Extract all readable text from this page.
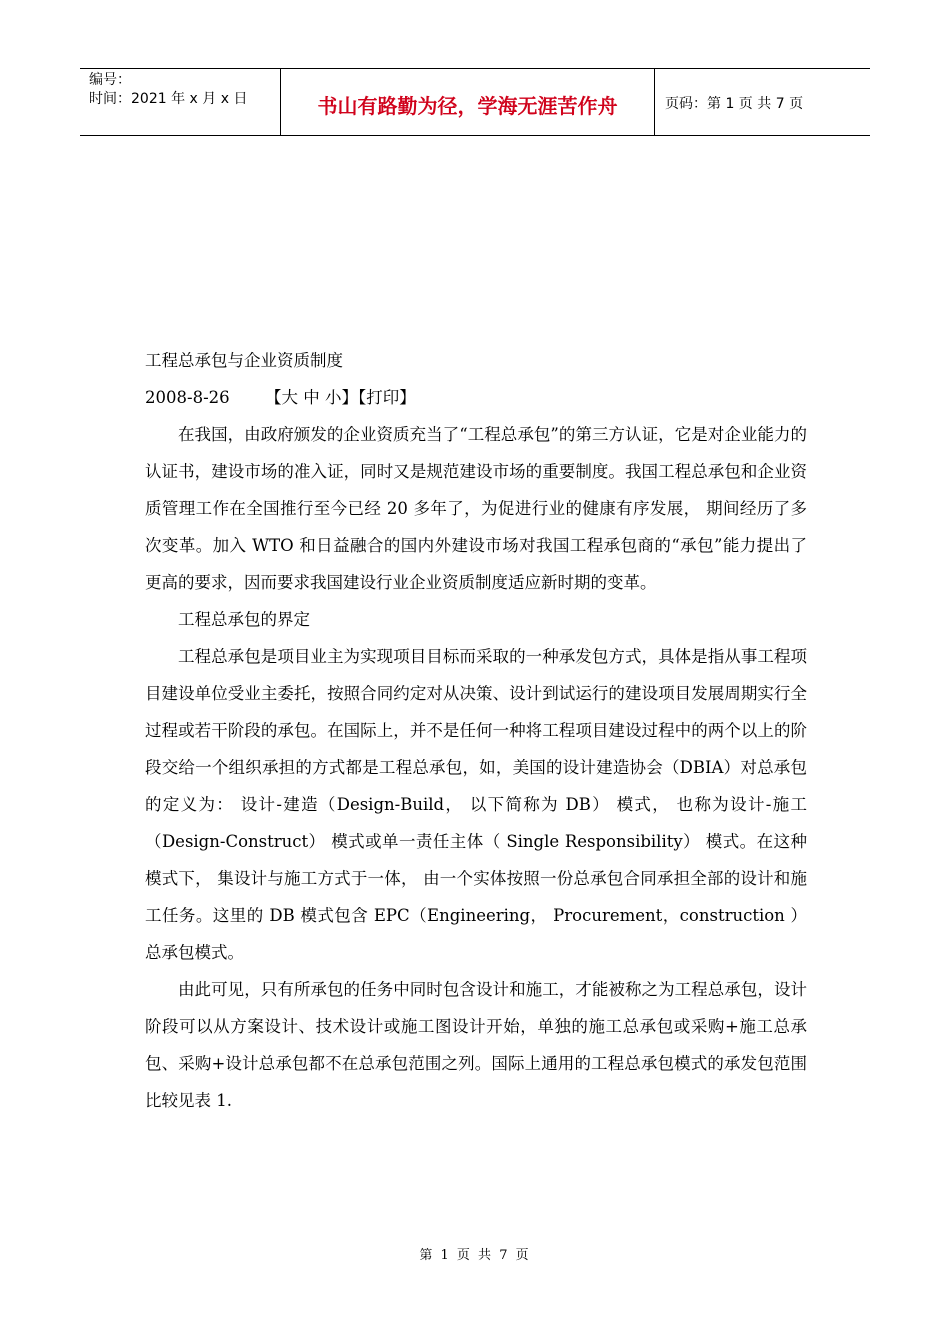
编号：
时间：2021 年 x 月 x 日	书山有路勤为径，学海无涯苦作舟	页码：第 1 页 共 7 页

工程总承包与企业资质制度

2008-8-26 【大 中 小】【打印】

在我国，由政府颁发的企业资质充当了“工程总承包”的第三方认证，它是对企业能力的认证书，建设市场的准入证，同时又是规范建设市场的重要制度。我国工程总承包和企业资质管理工作在全国推行至今已经 20 多年了，为促进行业的健康有序发展， 期间经历了多次变革。加入 WTO 和日益融合的国内外建设市场对我国工程承包商的“承包”能力提出了更高的要求，因而要求我国建设行业企业资质制度适应新时期的变革。

工程总承包的界定

工程总承包是项目业主为实现项目目标而采取的一种承发包方式，具体是指从事工程项目建设单位受业主委托，按照合同约定对从决策、设计到试运行的建设项目发展周期实行全过程或若干阶段的承包。在国际上，并不是任何一种将工程项目建设过程中的两个以上的阶段交给一个组织承担的方式都是工程总承包，如，美国的设计建造协会（DBIA）对总承包的定义为： 设计-建造（Design-Build， 以下简称为 DB） 模式， 也称为设计-施工（Design-Construct） 模式或单一责任主体（ Single Responsibility） 模式。在这种模式下， 集设计与施工方式于一体， 由一个实体按照一份总承包合同承担全部的设计和施工任务。这里的 DB 模式包含 EPC（Engineering， Procurement，construction ）总承包模式。

由此可见，只有所承包的任务中同时包含设计和施工，才能被称之为工程总承包，设计阶段可以从方案设计、技术设计或施工图设计开始，单独的施工总承包或采购+施工总承包、采购+设计总承包都不在总承包范围之列。国际上通用的工程总承包模式的承发包范围比较见表 1.

第 1 页 共 7 页
